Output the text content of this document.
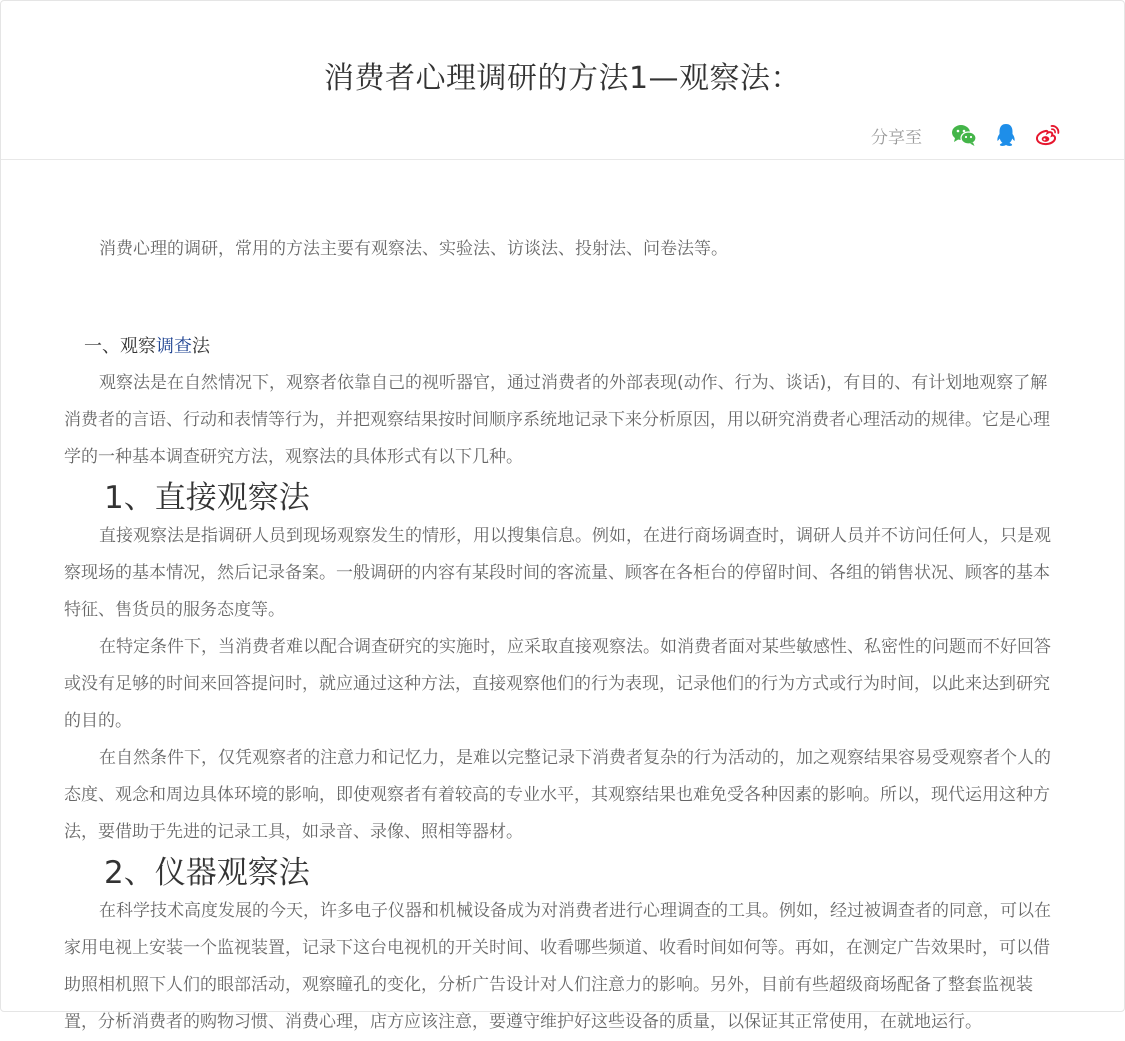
消费者心理调研的方法1—观察法：
分享至

消费心理的调研，常用的方法主要有观察法、实验法、访谈法、投射法、问卷法等。

一、观察调查法

观察法是在自然情况下，观察者依靠自己的视听器官，通过消费者的外部表现(动作、行为、谈话)，有目的、有计划地观察了解消费者的言语、行动和表情等行为，并把观察结果按时间顺序系统地记录下来分析原因，用以研究消费者心理活动的规律。它是心理学的一种基本调查研究方法，观察法的具体形式有以下几种。

1、直接观察法

直接观察法是指调研人员到现场观察发生的情形，用以搜集信息。例如，在进行商场调查时，调研人员并不访问任何人，只是观察现场的基本情况，然后记录备案。一般调研的内容有某段时间的客流量、顾客在各柜台的停留时间、各组的销售状况、顾客的基本特征、售货员的服务态度等。

在特定条件下，当消费者难以配合调查研究的实施时，应采取直接观察法。如消费者面对某些敏感性、私密性的问题而不好回答或没有足够的时间来回答提问时，就应通过这种方法，直接观察他们的行为表现，记录他们的行为方式或行为时间，以此来达到研究的目的。

在自然条件下，仅凭观察者的注意力和记忆力，是难以完整记录下消费者复杂的行为活动的，加之观察结果容易受观察者个人的态度、观念和周边具体环境的影响，即使观察者有着较高的专业水平，其观察结果也难免受各种因素的影响。所以，现代运用这种方法，要借助于先进的记录工具，如录音、录像、照相等器材。

2、仪器观察法

在科学技术高度发展的今天，许多电子仪器和机械设备成为对消费者进行心理调查的工具。例如，经过被调查者的同意，可以在家用电视上安装一个监视装置，记录下这台电视机的开关时间、收看哪些频道、收看时间如何等。再如，在测定广告效果时，可以借助照相机照下人们的眼部活动，观察瞳孔的变化，分析广告设计对人们注意力的影响。另外，目前有些超级商场配备了整套监视装置，分析消费者的购物习惯、消费心理，店方应该注意，要遵守维护好这些设备的质量，以保证其正常使用，在就地运行。
